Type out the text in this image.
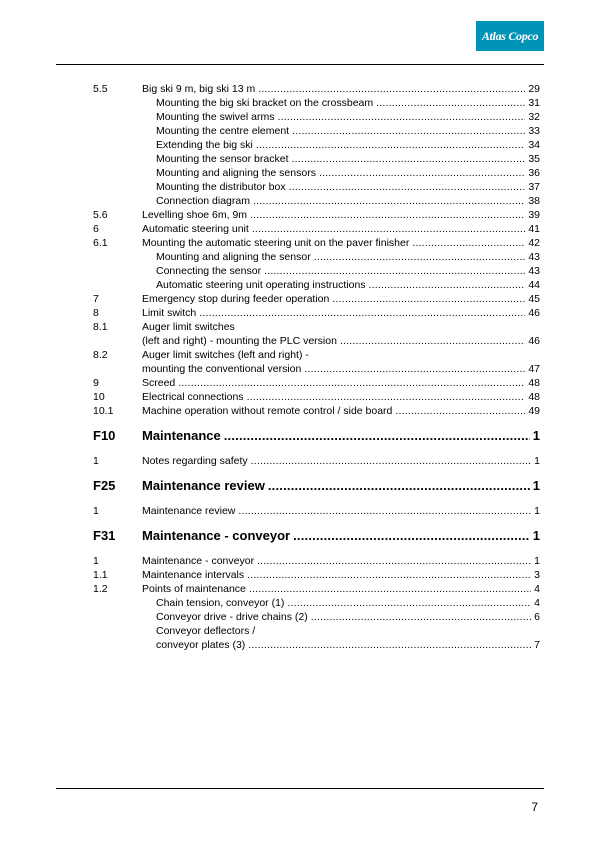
Atlas Copco
5.5	Big ski 9 m, big ski 13 m .....	29
Mounting the big ski bracket on the crossbeam .....	31
Mounting the swivel arms .....	32
Mounting the centre element .....	33
Extending the big ski .....	34
Mounting the sensor bracket .....	35
Mounting and aligning the sensors .....	36
Mounting the distributor box .....	37
Connection diagram .....	38
5.6	Levelling shoe 6m, 9m .....	39
6	Automatic steering unit .....	41
6.1	Mounting the automatic steering unit on the paver finisher .....	42
Mounting and aligning the sensor .....	43
Connecting the sensor .....	43
Automatic steering unit operating instructions .....	44
7	Emergency stop during feeder operation .....	45
8	Limit switch .....	46
8.1	Auger limit switches
(left and right) - mounting the PLC version .....	46
8.2	Auger limit switches (left and right) -
mounting the conventional version .....	47
9	Screed .....	48
10	Electrical connections .....	48
10.1	Machine operation without remote control / side board .....	49
F10 Maintenance .....	1
1	Notes regarding safety .....	1
F25 Maintenance review .....	1
1	Maintenance review .....	1
F31 Maintenance - conveyor .....	1
1	Maintenance - conveyor .....	1
1.1	Maintenance intervals .....	3
1.2	Points of maintenance .....	4
Chain tension, conveyor (1) .....	4
Conveyor drive - drive chains (2) .....	6
Conveyor deflectors /
conveyor plates (3) .....	7
7
